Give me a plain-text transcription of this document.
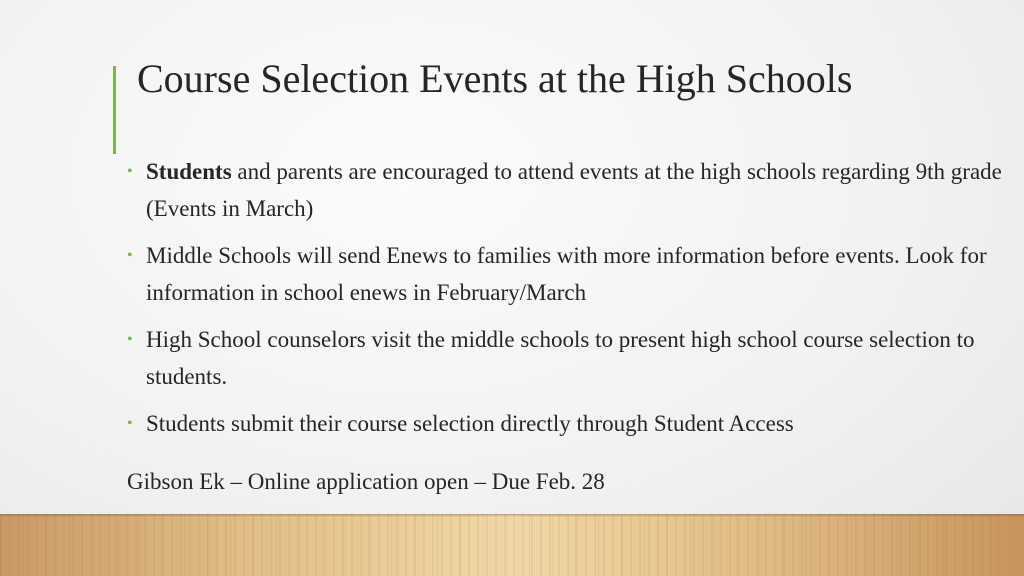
Course Selection Events at the High Schools
• Students and parents are encouraged to attend events at the high schools regarding 9th grade (Events in March)
• Middle Schools will send Enews to families with more information before events. Look for information in school enews in February/March
• High School counselors visit the middle schools to present high school course selection to students.
• Students submit their course selection directly through Student Access

Gibson Ek – Online application open – Due Feb. 28
